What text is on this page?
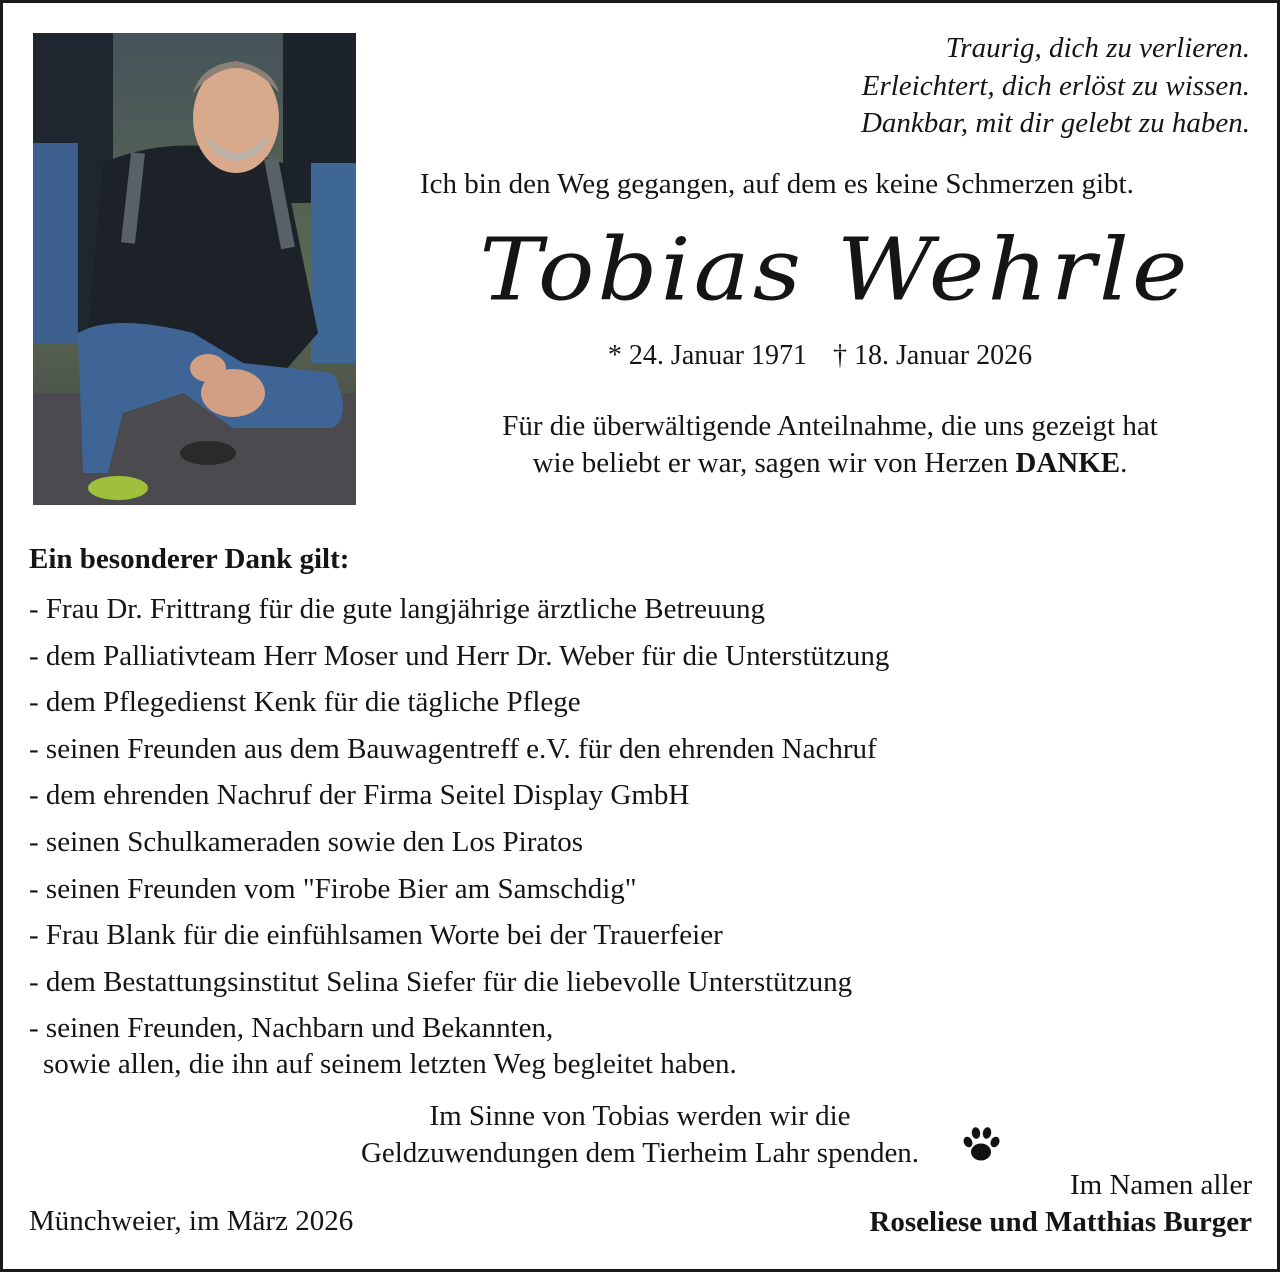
Traurig, dich zu verlieren.
Erleichtert, dich erlöst zu wissen.
Dankbar, mit dir gelebt zu haben.
Ich bin den Weg gegangen, auf dem es keine Schmerzen gibt.
Tobias Wehrle
* 24. Januar 1971 † 18. Januar 2026
Für die überwältigende Anteilnahme, die uns gezeigt hat
wie beliebt er war, sagen wir von Herzen DANKE.
Ein besonderer Dank gilt:
- Frau Dr. Frittrang für die gute langjährige ärztliche Betreuung
- dem Palliativteam Herr Moser und Herr Dr. Weber für die Unterstützung
- dem Pflegedienst Kenk für die tägliche Pflege
- seinen Freunden aus dem Bauwagentreff e.V. für den ehrenden Nachruf
- dem ehrenden Nachruf der Firma Seitel Display GmbH
- seinen Schulkameraden sowie den Los Piratos
- seinen Freunden vom "Firobe Bier am Samschdig"
- Frau Blank für die einfühlsamen Worte bei der Trauerfeier
- dem Bestattungsinstitut Selina Siefer für die liebevolle Unterstützung
- seinen Freunden, Nachbarn und Bekannten,
sowie allen, die ihn auf seinem letzten Weg begleitet haben.
Im Sinne von Tobias werden wir die
Geldzuwendungen dem Tierheim Lahr spenden.
Münchweier, im März 2026
Im Namen aller
Roseliese und Matthias Burger
